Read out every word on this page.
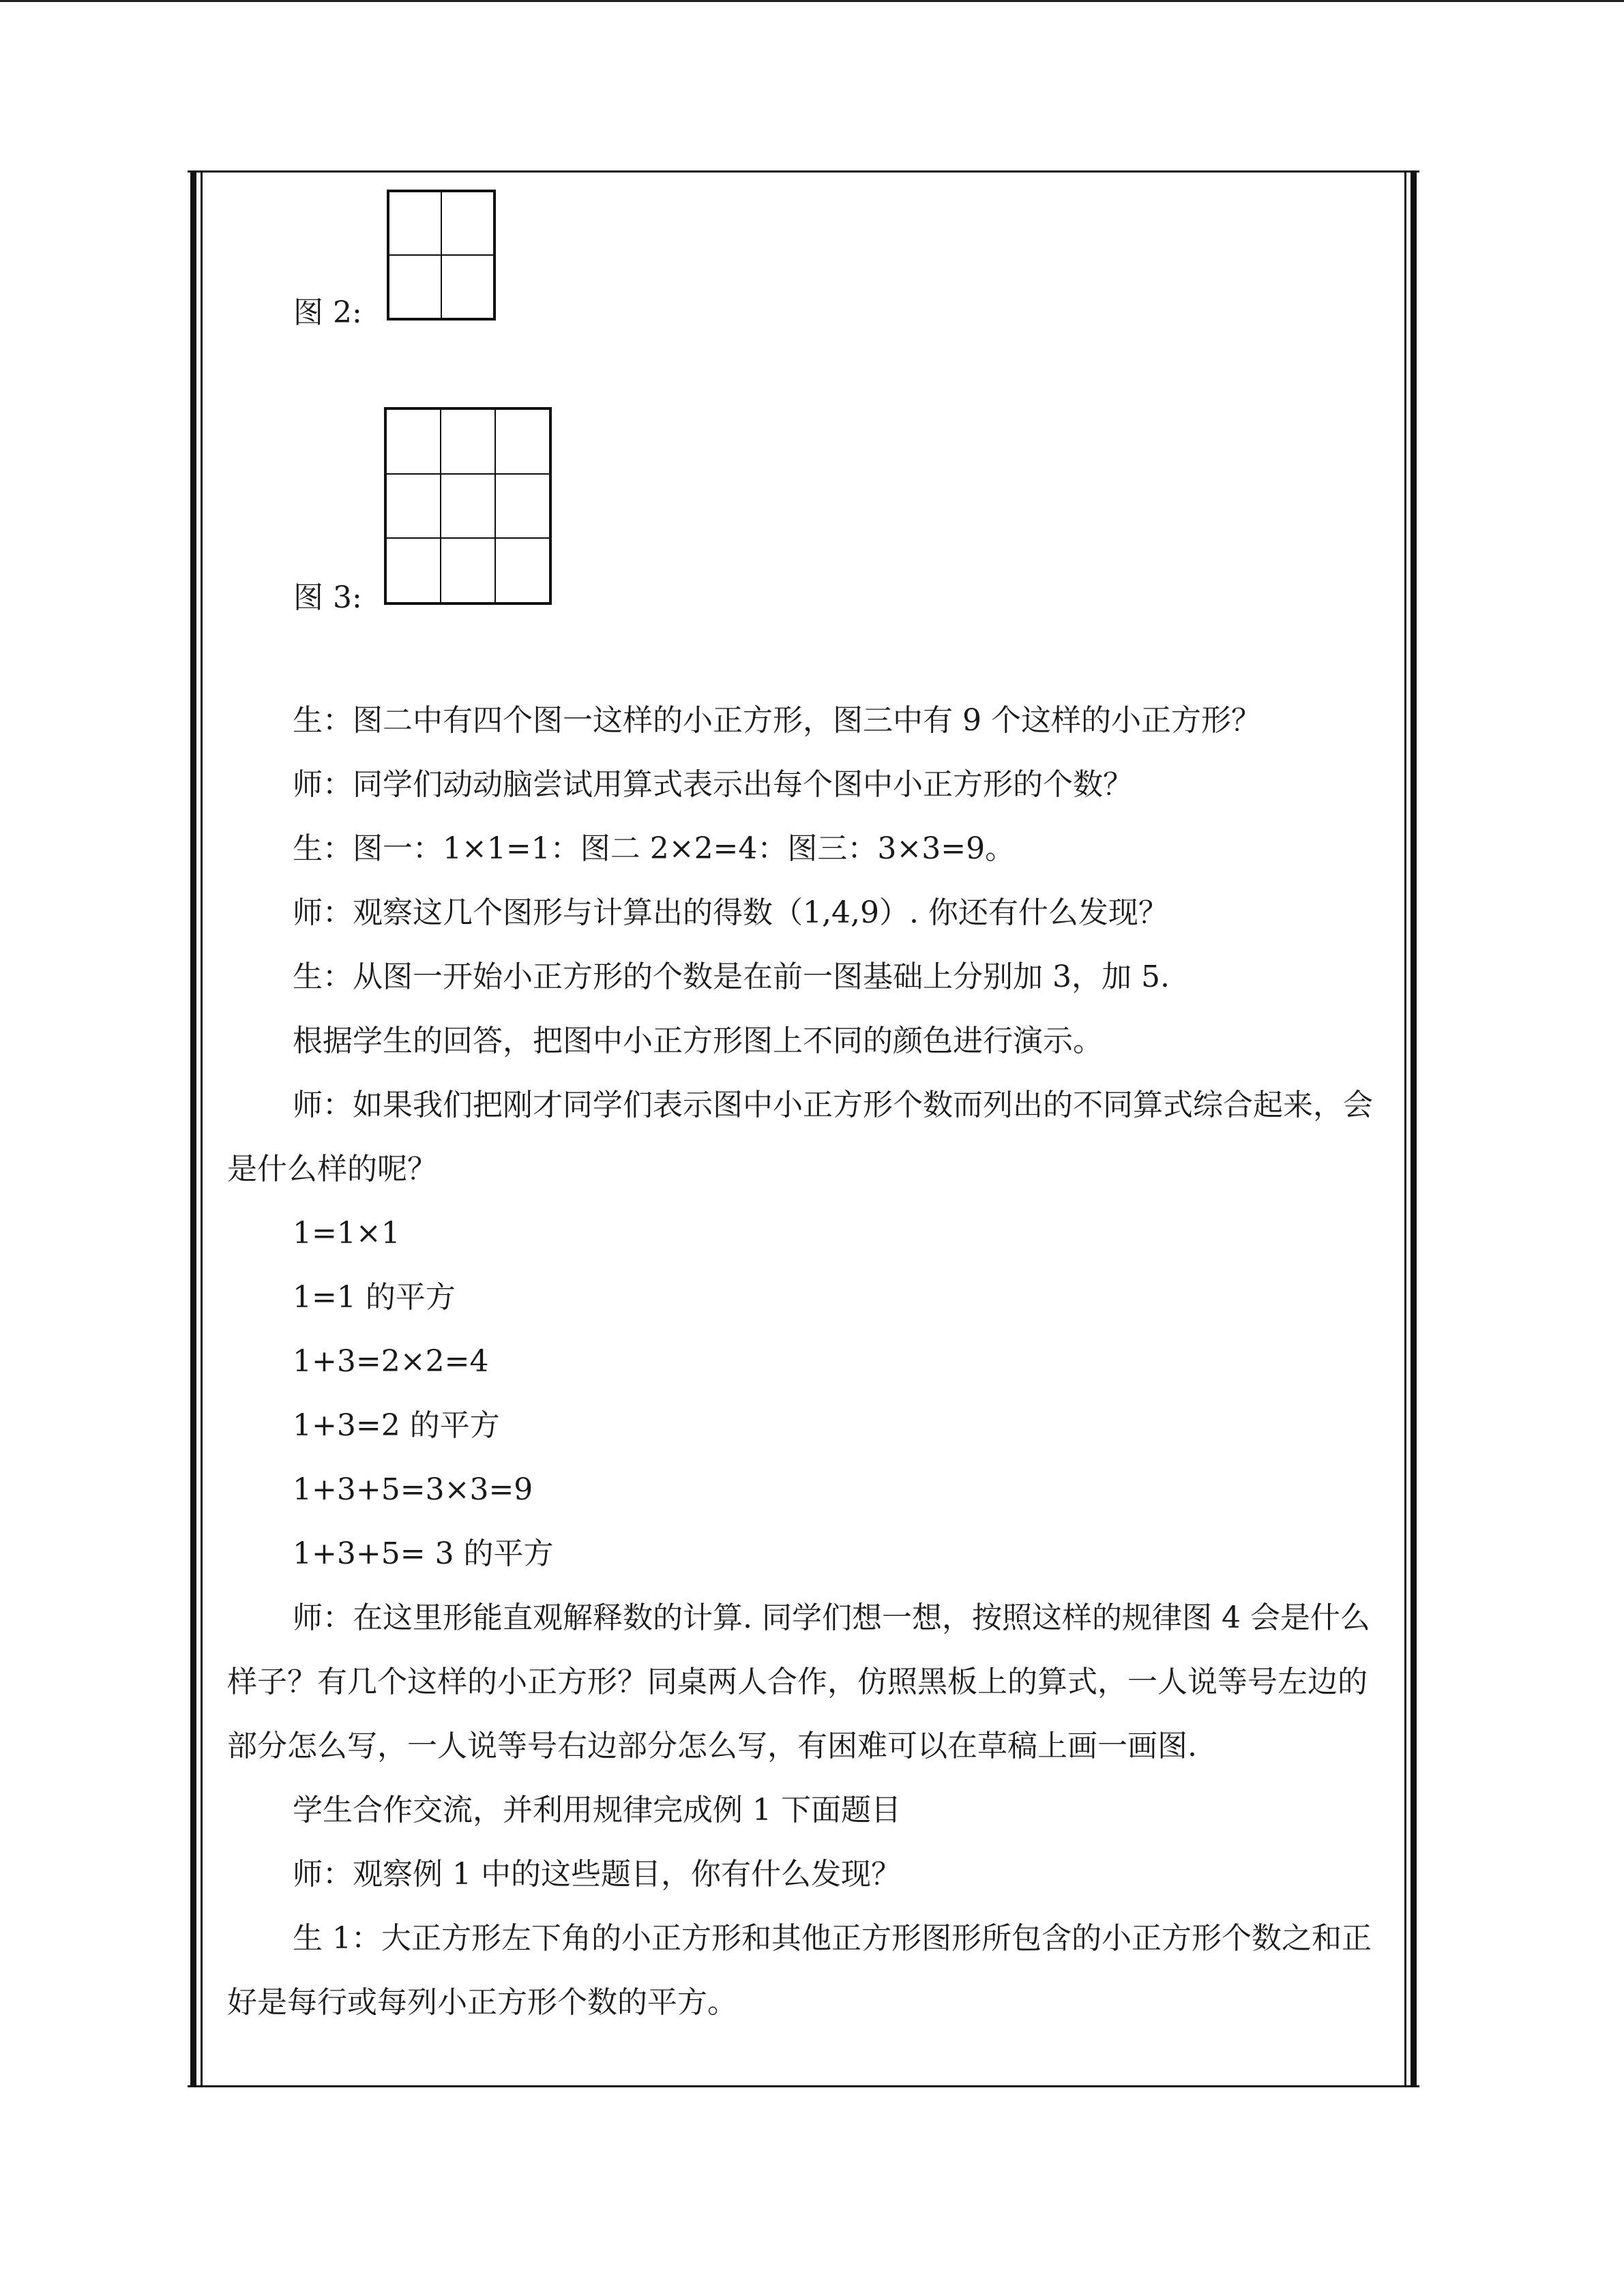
图 2:
图 3:

生：图二中有四个图一这样的小正方形，图三中有 9 个这样的小正方形？

师：同学们动动脑尝试用算式表示出每个图中小正方形的个数？

生：图一：1×1=1：图二 2×2=4：图三：3×3=9。

师：观察这几个图形与计算出的得数（1,4,9）. 你还有什么发现？

生：从图一开始小正方形的个数是在前一图基础上分别加 3，加 5.

根据学生的回答，把图中小正方形图上不同的颜色进行演示。

师：如果我们把刚才同学们表示图中小正方形个数而列出的不同算式综合起来，会是什么样的呢？

1=1×1

1=1 的平方

1+3=2×2=4

1+3=2 的平方

1+3+5=3×3=9

1+3+5= 3 的平方

师：在这里形能直观解释数的计算. 同学们想一想，按照这样的规律图 4 会是什么样子？有几个这样的小正方形？同桌两人合作，仿照黑板上的算式，一人说等号左边的部分怎么写，一人说等号右边部分怎么写，有困难可以在草稿上画一画图.

学生合作交流，并利用规律完成例 1 下面题目

师：观察例 1 中的这些题目，你有什么发现？

生 1：大正方形左下角的小正方形和其他正方形图形所包含的小正方形个数之和正好是每行或每列小正方形个数的平方。
